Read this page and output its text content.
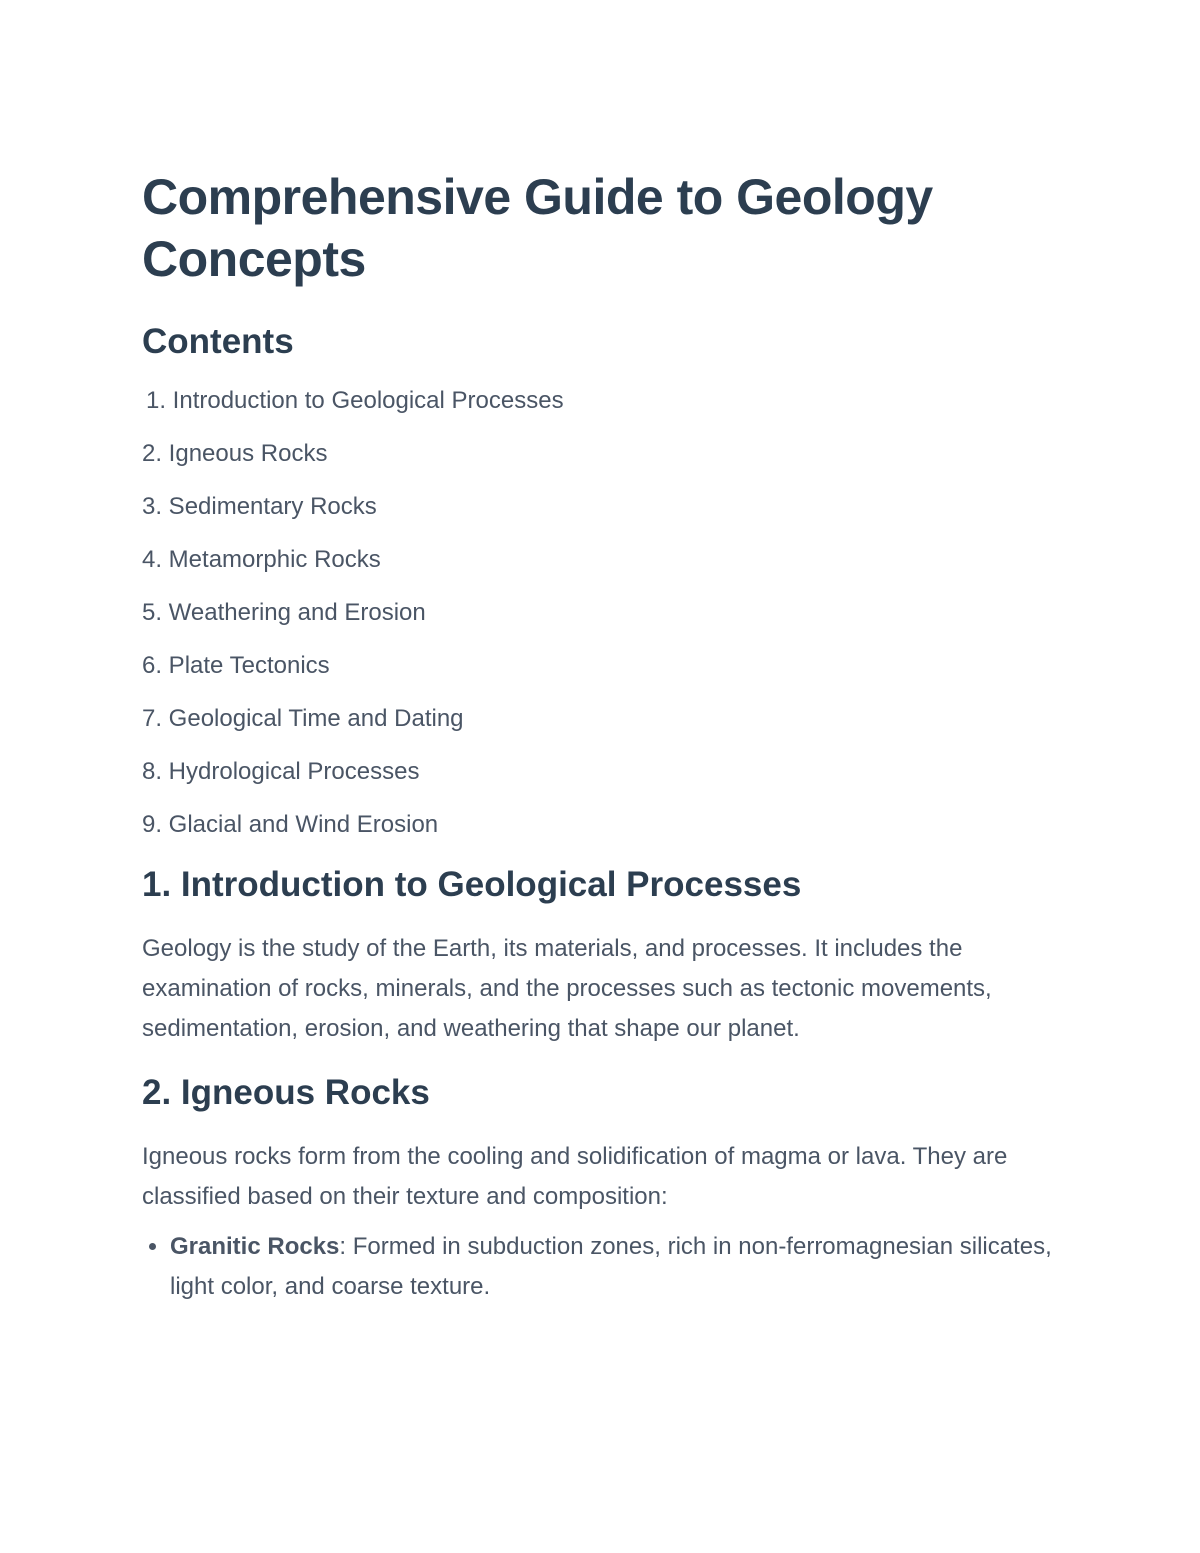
Comprehensive Guide to Geology Concepts
Contents
1. Introduction to Geological Processes
2. Igneous Rocks
3. Sedimentary Rocks
4. Metamorphic Rocks
5. Weathering and Erosion
6. Plate Tectonics
7. Geological Time and Dating
8. Hydrological Processes
9. Glacial and Wind Erosion
1. Introduction to Geological Processes

Geology is the study of the Earth, its materials, and processes. It includes the examination of rocks, minerals, and the processes such as tectonic movements, sedimentation, erosion, and weathering that shape our planet.

2. Igneous Rocks

Igneous rocks form from the cooling and solidification of magma or lava. They are classified based on their texture and composition:

• Granitic Rocks: Formed in subduction zones, rich in non-ferromagnesian silicates, light color, and coarse texture.
